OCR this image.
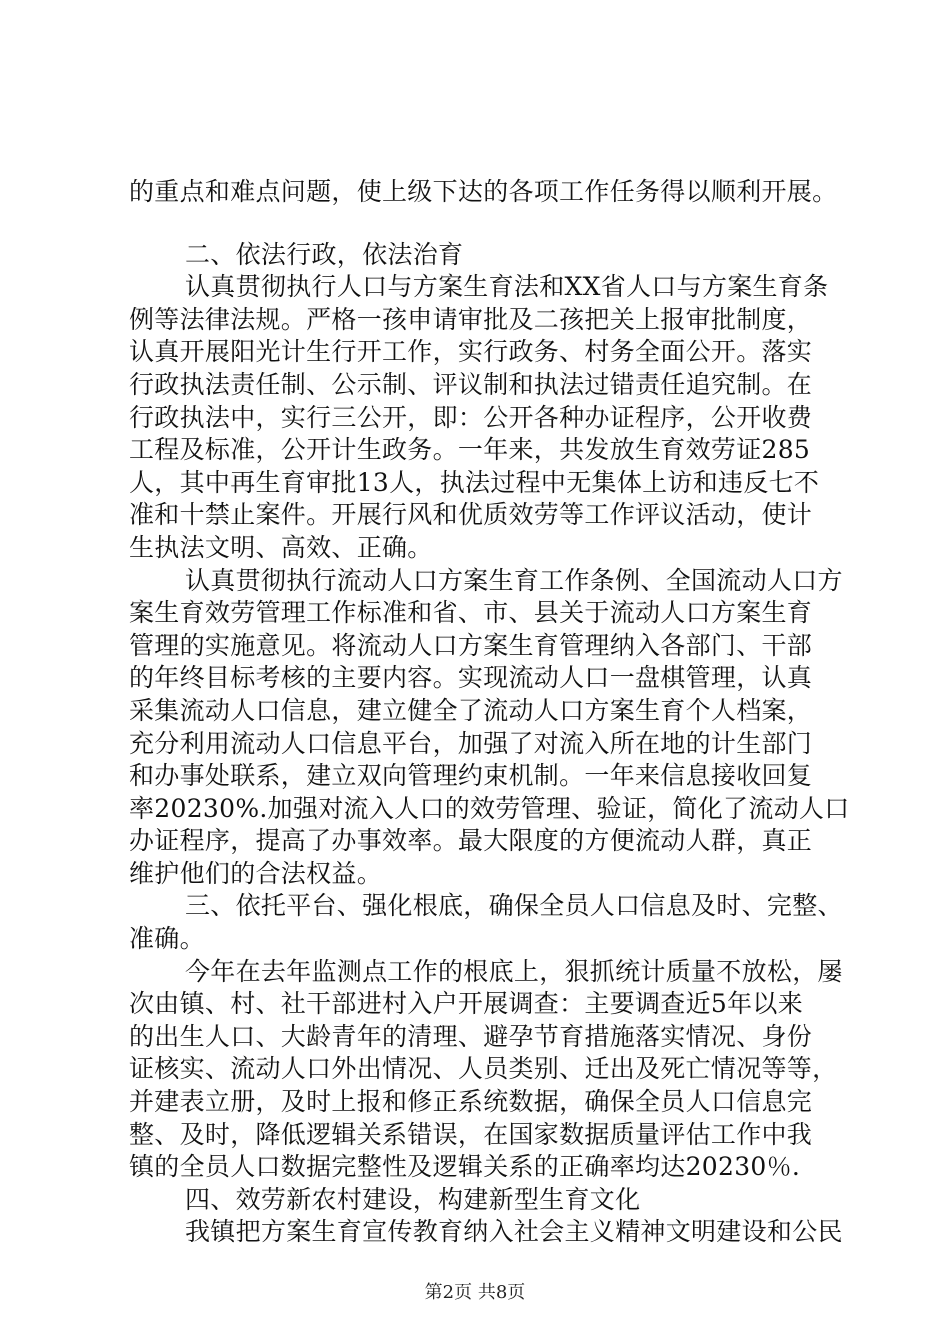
的重点和难点问题，使上级下达的各项工作任务得以顺利开展。
二、依法行政，依法治育
认真贯彻执行人口与方案生育法和XX省人口与方案生育条
例等法律法规。严格一孩申请审批及二孩把关上报审批制度，
认真开展阳光计生行开工作，实行政务、村务全面公开。落实
行政执法责任制、公示制、评议制和执法过错责任追究制。在
行政执法中，实行三公开，即：公开各种办证程序，公开收费
工程及标准，公开计生政务。一年来，共发放生育效劳证285
人，其中再生育审批13人，执法过程中无集体上访和违反七不
准和十禁止案件。开展行风和优质效劳等工作评议活动，使计
生执法文明、高效、正确。
认真贯彻执行流动人口方案生育工作条例、全国流动人口方
案生育效劳管理工作标准和省、市、县关于流动人口方案生育
管理的实施意见。将流动人口方案生育管理纳入各部门、干部
的年终目标考核的主要内容。实现流动人口一盘棋管理，认真
采集流动人口信息，建立健全了流动人口方案生育个人档案，
充分利用流动人口信息平台，加强了对流入所在地的计生部门
和办事处联系，建立双向管理约束机制。一年来信息接收回复
率20230%.加强对流入人口的效劳管理、验证，简化了流动人口
办证程序，提高了办事效率。最大限度的方便流动人群，真正
维护他们的合法权益。
三、依托平台、强化根底，确保全员人口信息及时、完整、
准确。
今年在去年监测点工作的根底上，狠抓统计质量不放松，屡
次由镇、村、社干部进村入户开展调查：主要调查近5年以来
的出生人口、大龄青年的清理、避孕节育措施落实情况、身份
证核实、流动人口外出情况、人员类别、迁出及死亡情况等等，
并建表立册，及时上报和修正系统数据，确保全员人口信息完
整、及时，降低逻辑关系错误，在国家数据质量评估工作中我
镇的全员人口数据完整性及逻辑关系的正确率均达20230％.
四、效劳新农村建设，构建新型生育文化
我镇把方案生育宣传教育纳入社会主义精神文明建设和公民
第2页 共8页
